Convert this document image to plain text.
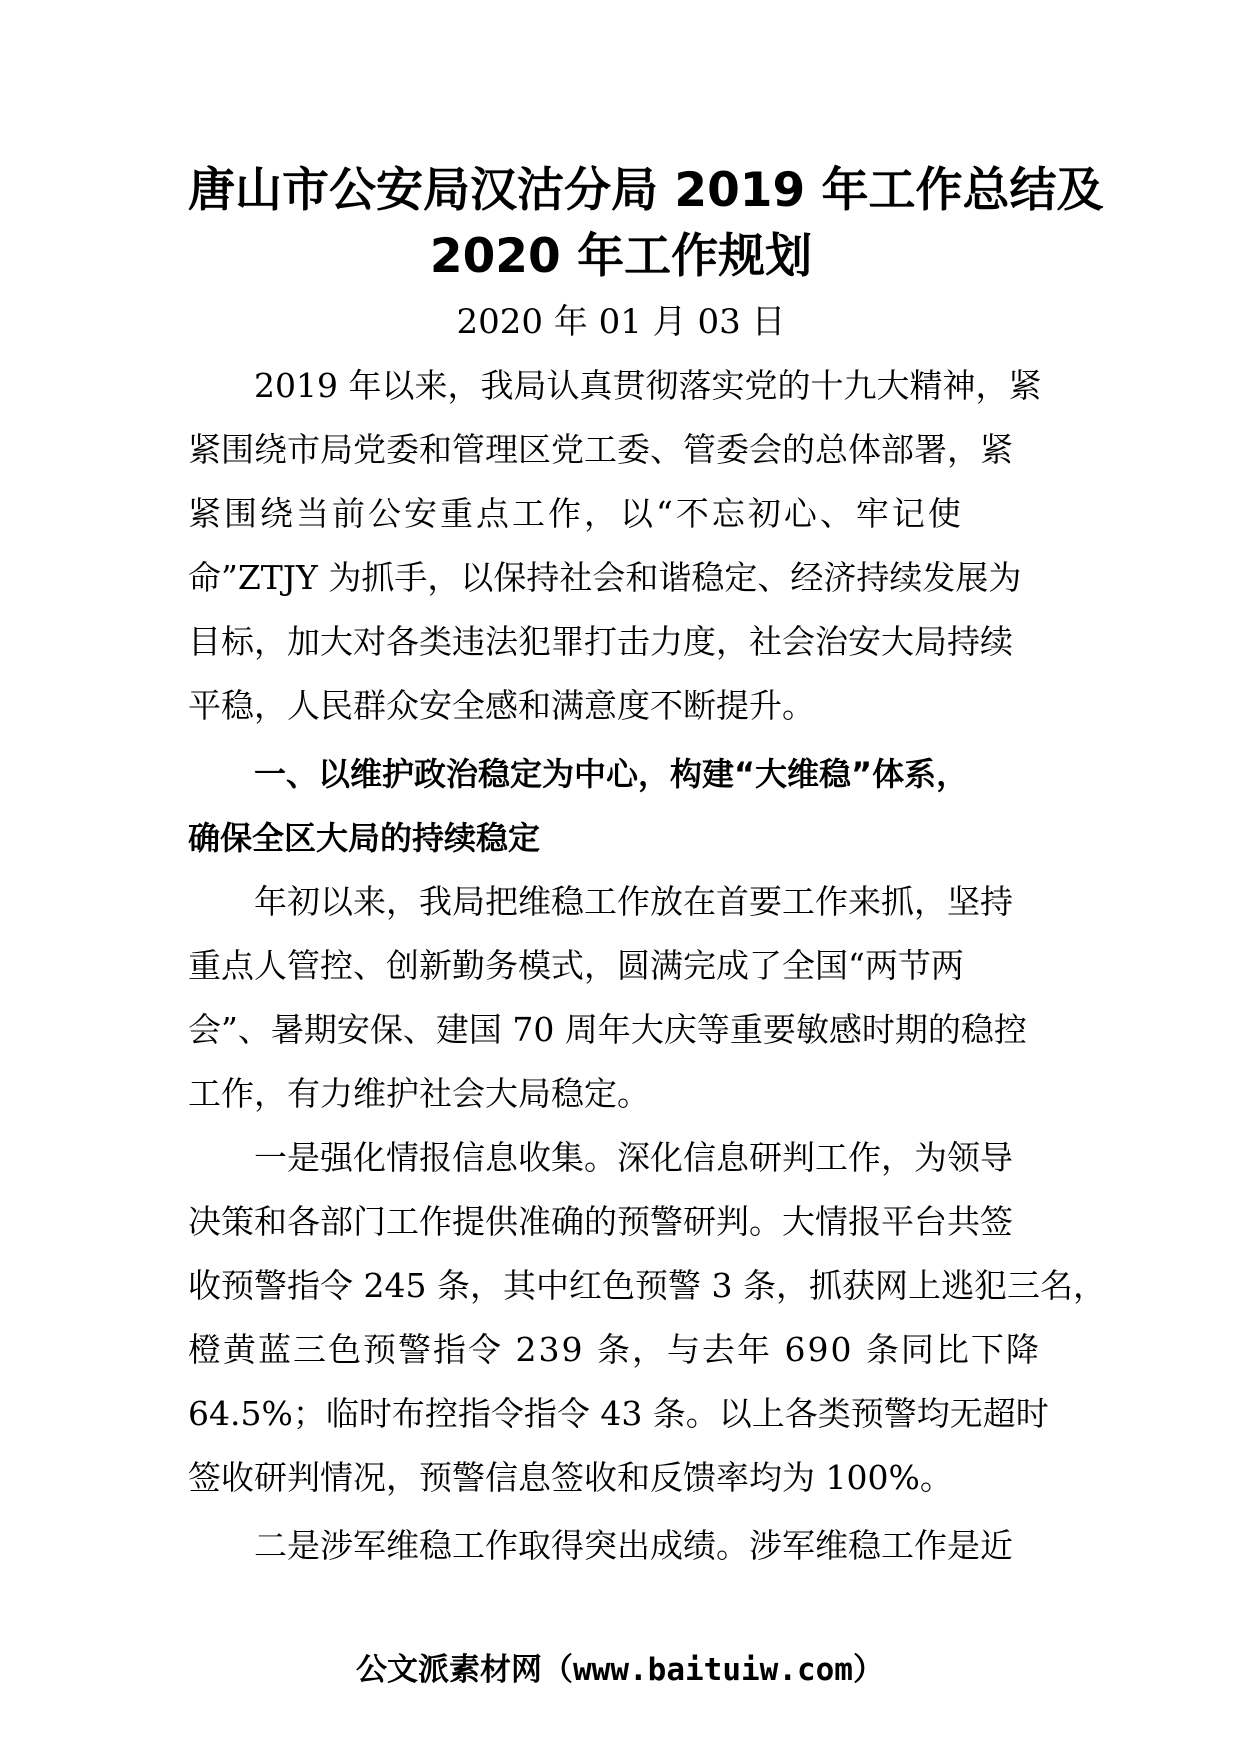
唐山市公安局汉沽分局 2019 年工作总结及
2020 年工作规划

2020 年 01 月 03 日

2019 年以来，我局认真贯彻落实党的十九大精神，紧
紧围绕市局党委和管理区党工委、管委会的总体部署，紧
紧围绕当前公安重点工作，以“不忘初心、牢记使
命”ZTJY 为抓手，以保持社会和谐稳定、经济持续发展为
目标，加大对各类违法犯罪打击力度，社会治安大局持续
平稳，人民群众安全感和满意度不断提升。

一、以维护政治稳定为中心，构建“大维稳”体系，
确保全区大局的持续稳定

年初以来，我局把维稳工作放在首要工作来抓，坚持
重点人管控、创新勤务模式，圆满完成了全国“两节两
会”、暑期安保、建国 70 周年大庆等重要敏感时期的稳控
工作，有力维护社会大局稳定。

一是强化情报信息收集。深化信息研判工作，为领导
决策和各部门工作提供准确的预警研判。大情报平台共签
收预警指令 245 条，其中红色预警 3 条，抓获网上逃犯三名，
橙黄蓝三色预警指令 239 条，与去年 690 条同比下降
64.5%；临时布控指令指令 43 条。以上各类预警均无超时
签收研判情况，预警信息签收和反馈率均为 100%。

二是涉军维稳工作取得突出成绩。涉军维稳工作是近

公文派素材网（www.baituiw.com）
